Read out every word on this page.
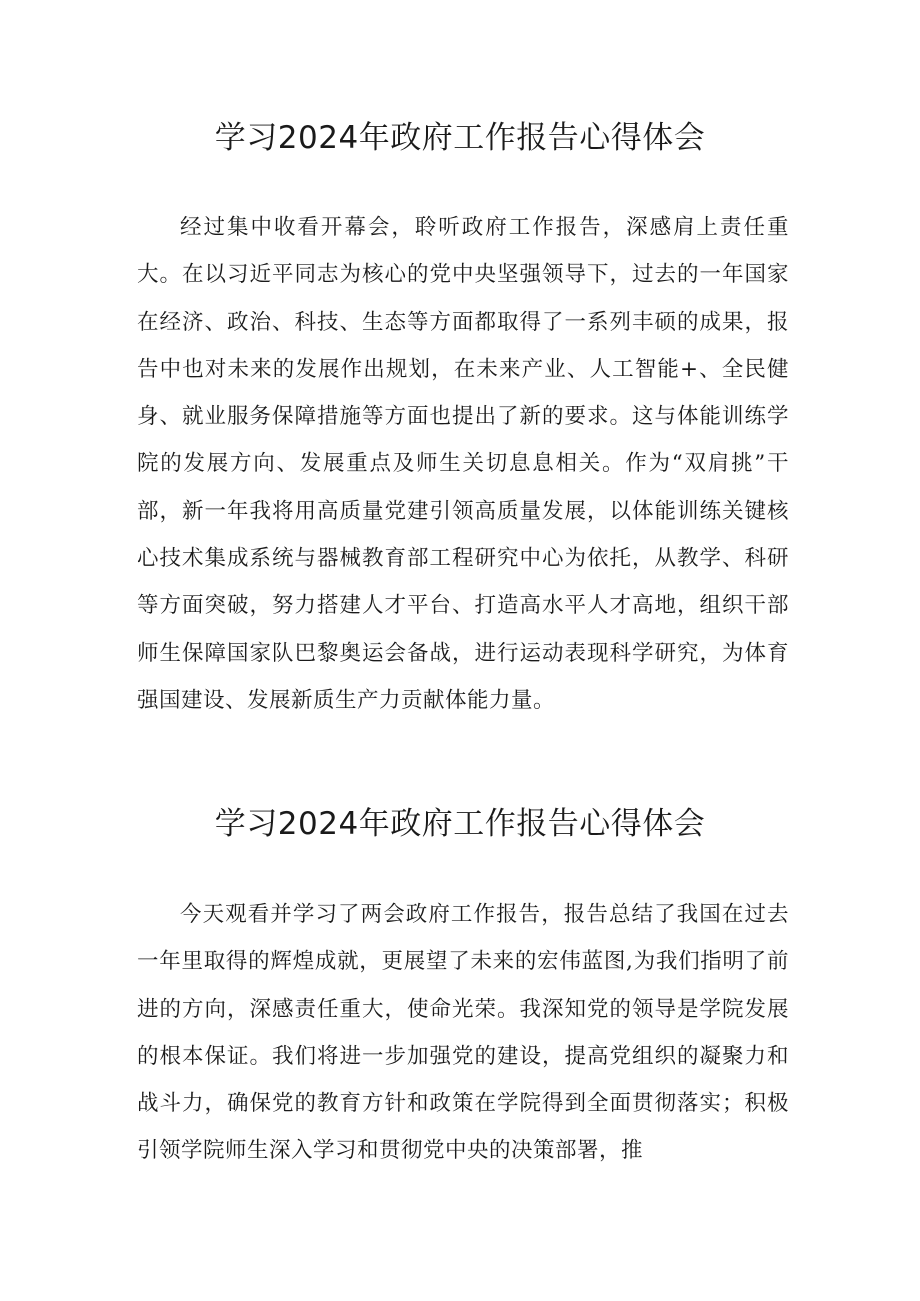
学习2024年政府工作报告心得体会

经过集中收看开幕会，聆听政府工作报告，深感肩上责任重大。在以习近平同志为核心的党中央坚强领导下，过去的一年国家在经济、政治、科技、生态等方面都取得了一系列丰硕的成果，报告中也对未来的发展作出规划，在未来产业、人工智能+、全民健身、就业服务保障措施等方面也提出了新的要求。这与体能训练学院的发展方向、发展重点及师生关切息息相关。作为“双肩挑”干部，新一年我将用高质量党建引领高质量发展，以体能训练关键核心技术集成系统与器械教育部工程研究中心为依托，从教学、科研等方面突破，努力搭建人才平台、打造高水平人才高地，组织干部师生保障国家队巴黎奥运会备战，进行运动表现科学研究，为体育强国建设、发展新质生产力贡献体能力量。

学习2024年政府工作报告心得体会

今天观看并学习了两会政府工作报告，报告总结了我国在过去一年里取得的辉煌成就，更展望了未来的宏伟蓝图,为我们指明了前进的方向，深感责任重大，使命光荣。我深知党的领导是学院发展的根本保证。我们将进一步加强党的建设，提高党组织的凝聚力和战斗力，确保党的教育方针和政策在学院得到全面贯彻落实；积极引领学院师生深入学习和贯彻党中央的决策部署，推
